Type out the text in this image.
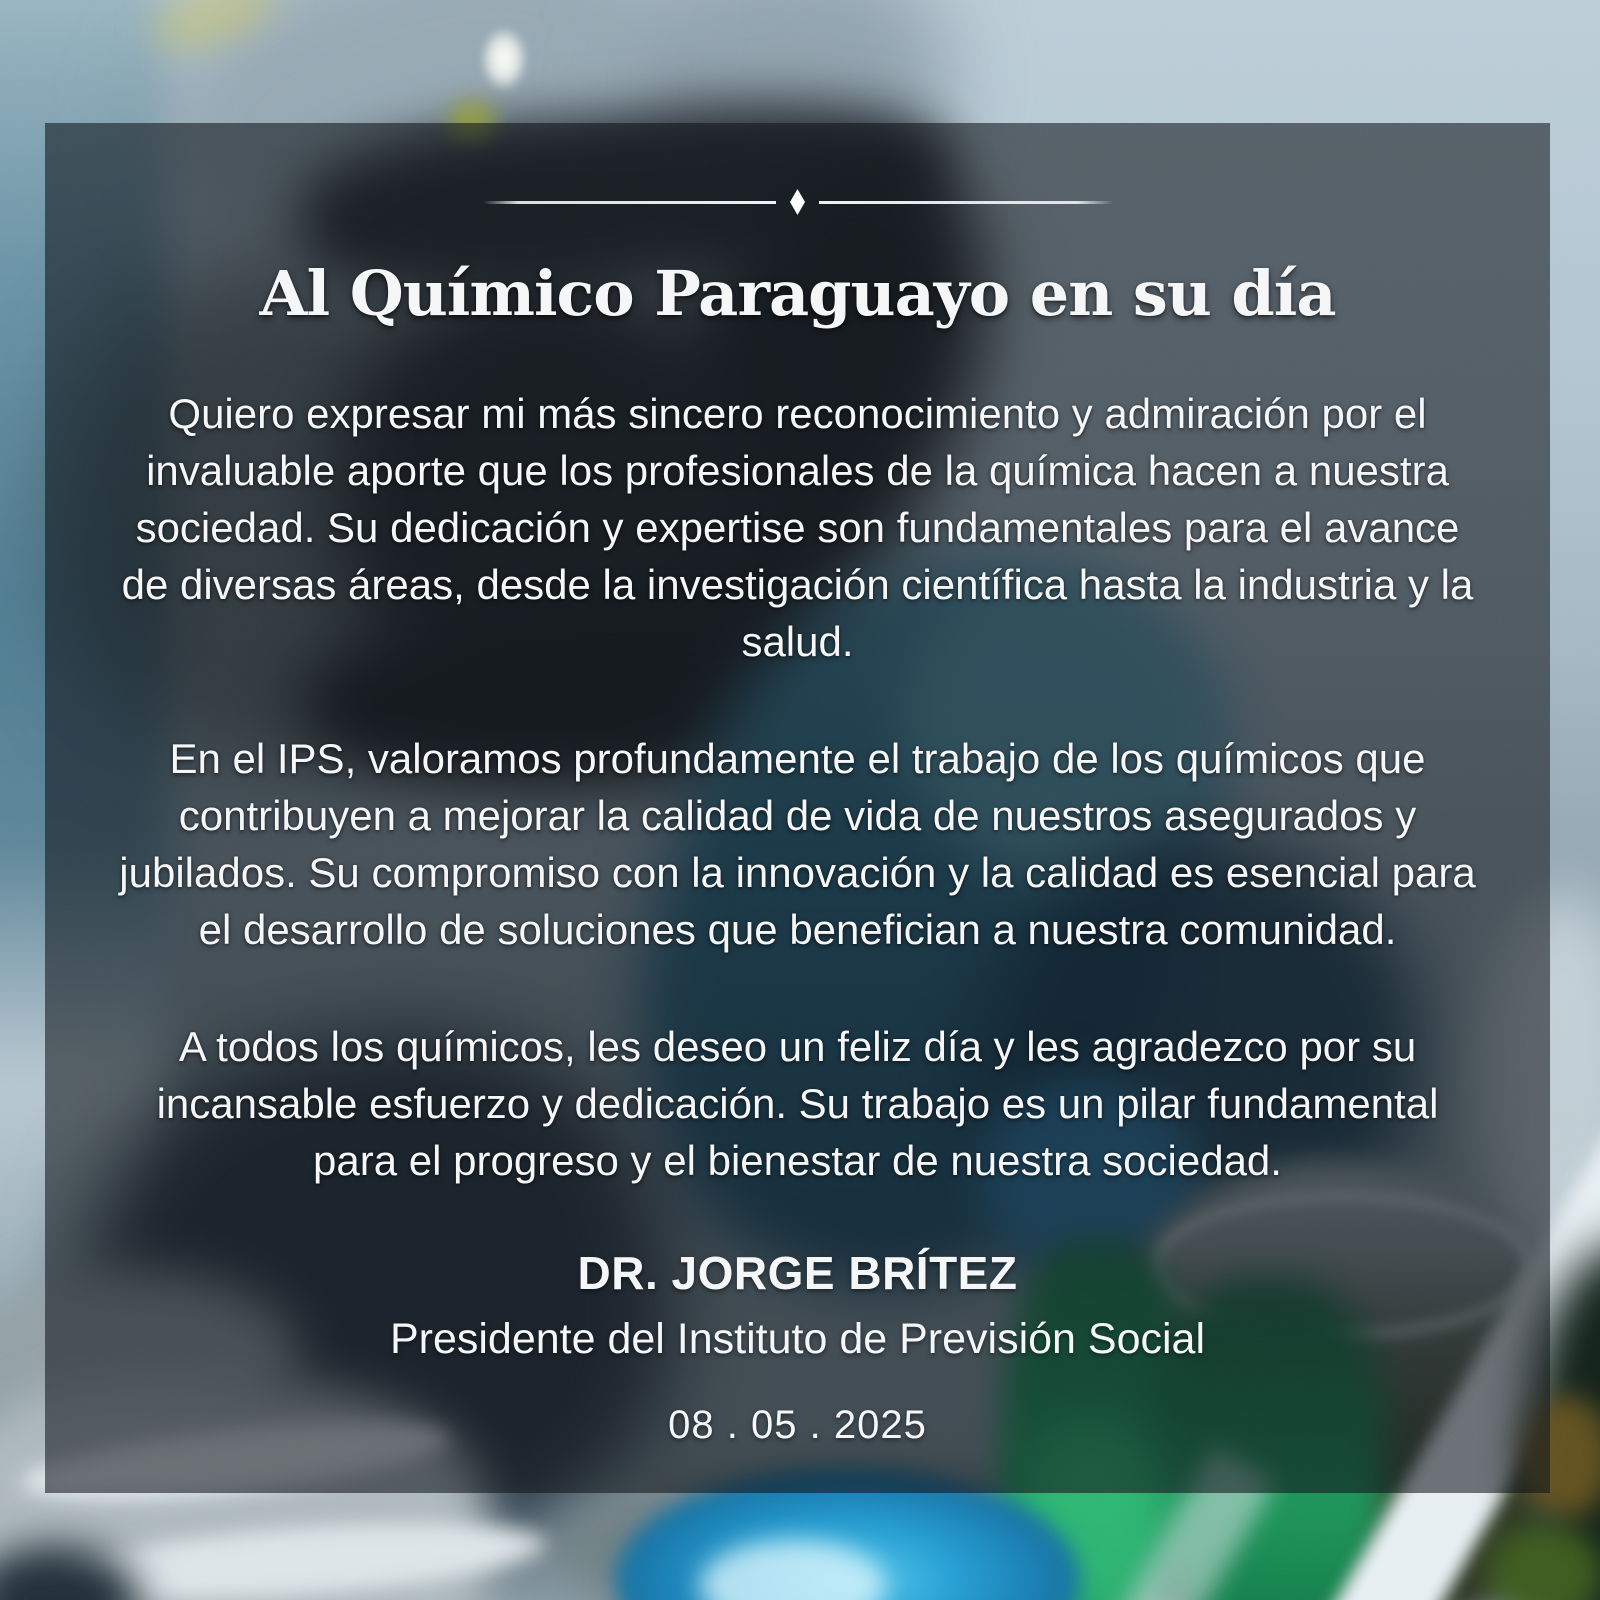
Al Químico Paraguayo en su día

Quiero expresar mi más sincero reconocimiento y admiración por el invaluable aporte que los profesionales de la química hacen a nuestra sociedad. Su dedicación y expertise son fundamentales para el avance de diversas áreas, desde la investigación científica hasta la industria y la salud.

En el IPS, valoramos profundamente el trabajo de los químicos que contribuyen a mejorar la calidad de vida de nuestros asegurados y jubilados. Su compromiso con la innovación y la calidad es esencial para el desarrollo de soluciones que benefician a nuestra comunidad.

A todos los químicos, les deseo un feliz día y les agradezco por su incansable esfuerzo y dedicación. Su trabajo es un pilar fundamental para el progreso y el bienestar de nuestra sociedad.

DR. JORGE BRÍTEZ
Presidente del Instituto de Previsión Social
08 . 05 . 2025
